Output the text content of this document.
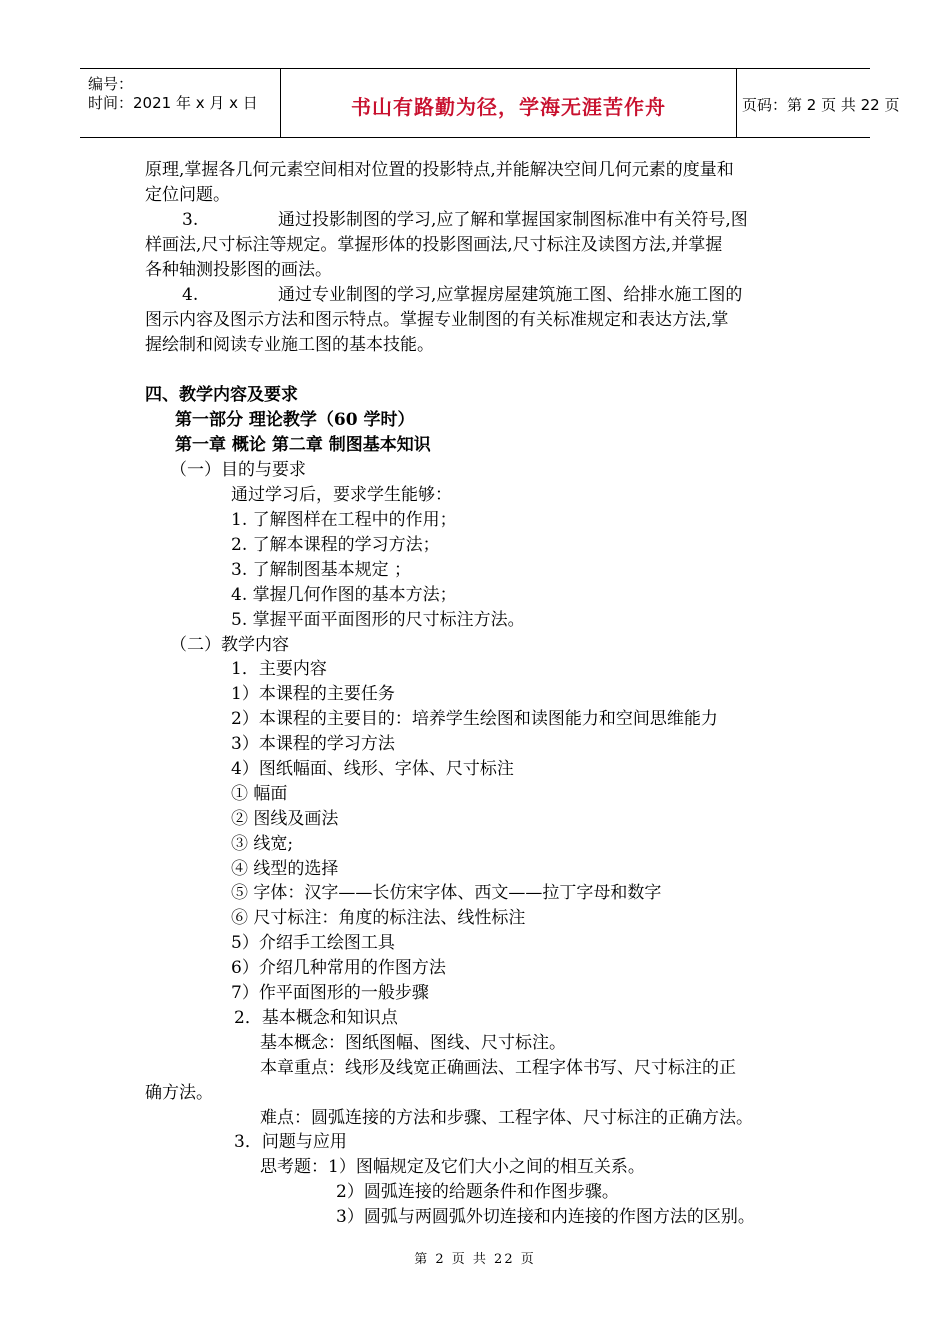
编号：
时间：2021 年 x 月 x 日	书山有路勤为径，学海无涯苦作舟	页码：第 2 页 共 22 页
原理,掌握各几何元素空间相对位置的投影特点,并能解决空间几何元素的度量和
定位问题。
3.	通过投影制图的学习,应了解和掌握国家制图标准中有关符号,图
样画法,尺寸标注等规定。掌握形体的投影图画法,尺寸标注及读图方法,并掌握
各种轴测投影图的画法。
4.	通过专业制图的学习,应掌握房屋建筑施工图、给排水施工图的
图示内容及图示方法和图示特点。掌握专业制图的有关标准规定和表达方法,掌
握绘制和阅读专业施工图的基本技能。
四、教学内容及要求
第一部分 理论教学（60 学时）
第一章 概论 第二章 制图基本知识
（一）目的与要求
通过学习后，要求学生能够：
1. 了解图样在工程中的作用；
2. 了解本课程的学习方法；
3. 了解制图基本规定 ；
4. 掌握几何作图的基本方法；
5. 掌握平面平面图形的尺寸标注方法。
（二）教学内容
1．主要内容
1）本课程的主要任务
2）本课程的主要目的：培养学生绘图和读图能力和空间思维能力
3）本课程的学习方法
4）图纸幅面、线形、字体、尺寸标注
① 幅面
② 图线及画法
③ 线宽;
④ 线型的选择
⑤ 字体：汉字——长仿宋字体、西文——拉丁字母和数字
⑥ 尺寸标注：角度的标注法、线性标注
5）介绍手工绘图工具
6）介绍几种常用的作图方法
7）作平面图形的一般步骤
2．基本概念和知识点
基本概念：图纸图幅、图线、尺寸标注。
本章重点：线形及线宽正确画法、工程字体书写、尺寸标注的正
确方法。
难点：圆弧连接的方法和步骤、工程字体、尺寸标注的正确方法。
3．问题与应用
思考题：1）图幅规定及它们大小之间的相互关系。
2）圆弧连接的给题条件和作图步骤。
3）圆弧与两圆弧外切连接和内连接的作图方法的区别。
第 2 页 共 22 页
